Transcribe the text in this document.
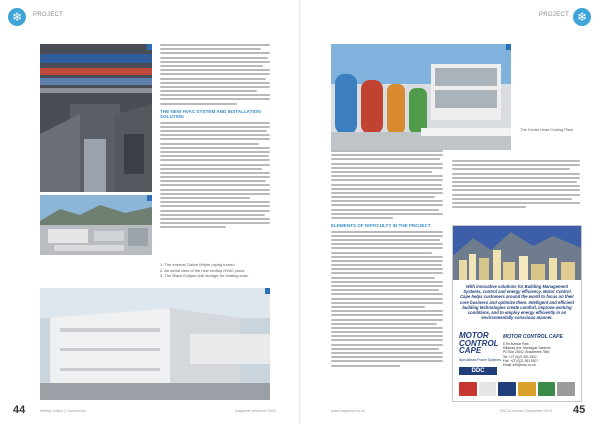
❄	PROJECT	PROJECT ❄
THE NEW HVAC SYSTEM AND INSTALLATION SOLUTION
1. The internal Galvin Whyte piping turned.
2. An aerial view of the new rooftop HVAC plant.
3. The Black Eclipse chill storage for heating coils.
44	Weekly edition | Construction	magazine reference 0000
The Centre Head Cooling Plant
ELEMENTS OF DIFFICULTY IN THE PROJECT
With innovative solutions for Building Management Systems, control and energy efficiency, Motor Control Cape helps customers around the world to focus on their core business and optimize them. Intelligent and efficient building technologies create comfort, improve working conditions, and to employ energy efficiently in an environmentally conscious manner.
MOTOR CONTROL CAPE
Specialised Power Systems
DDC
MOTOR CONTROL CAPE
6 Tel Avenue Park
Killarney Ave, Montague Gardens
PO Box 23002, Brackenfell 7560
Tel: +27 (0)21 551 5302
Fax: +27 (0)21 551 5307
Email: info@mcc.co.za
45
www.magazine.co.za	RACA Journal | September 2019
